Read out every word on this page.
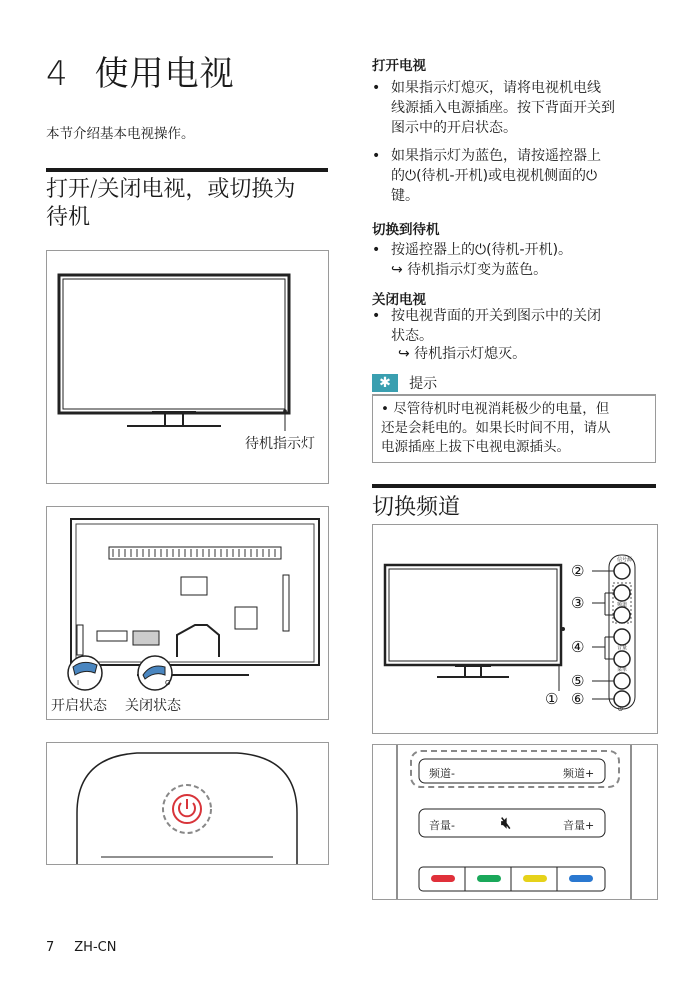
4 使用电视
本节介绍基本电视操作。
打开/关闭电视，或切换为
待机
待机指示灯
I	O
开启状态 关闭状态
打开电视
• 如果指示灯熄灭，请将电视机电线
线源插入电源插座。按下背面开关到
图示中的开启状态。
• 如果指示灯为蓝色，请按遥控器上
的⏻(待机-开机)或电视机侧面的⏻
键。
切换到待机
• 按遥控器上的⏻(待机-开机)。
↪ 待机指示灯变为蓝色。
关闭电视
• 按电视背面的开关到图示中的关闭
状态。
↪ 待机指示灯熄灭。
✱ 提示
• 尽管待机时电视消耗极少的电量，但
还是会耗电的。如果长时间不用，请从
电源插座上拔下电视电源插头。
切换频道
信号源
频道
音量
菜单
⏻
②
③
④
⑤
⑥
①
频道-	频道+
音量-	🔇︎	音量+
7 ZH-CN
